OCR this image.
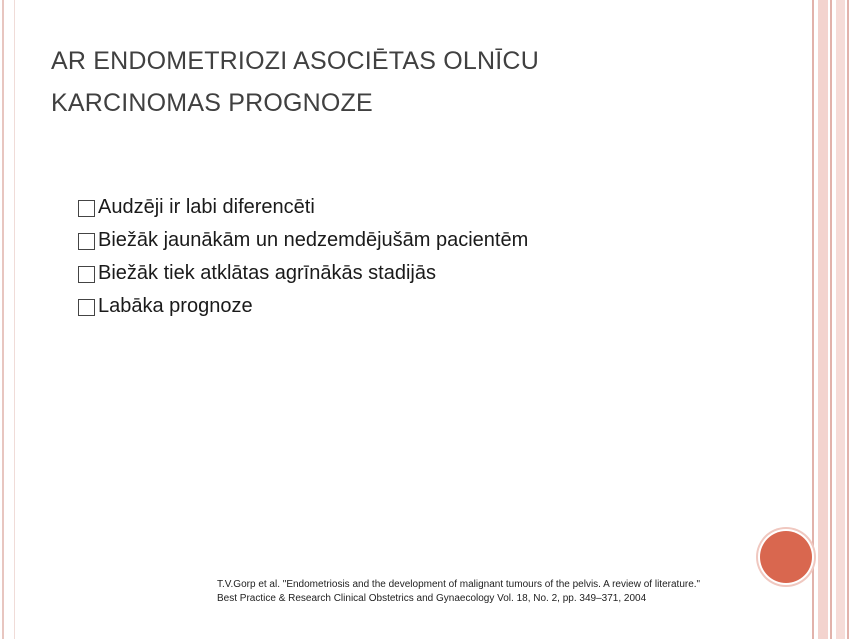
AR ENDOMETRIOZI ASOCIĒTAS OLNĪCU
KARCINOMAS PROGNOZE
Audzēji ir labi diferencēti
Biežāk jaunākām un nedzemdējušām pacientēm
Biežāk tiek atklātas agrīnākās stadijās
Labāka prognoze

T.V.Gorp et al. "Endometriosis and the development of malignant tumours of the pelvis. A review of literature." Best Practice & Research Clinical Obstetrics and Gynaecology Vol. 18, No. 2, pp. 349–371, 2004
